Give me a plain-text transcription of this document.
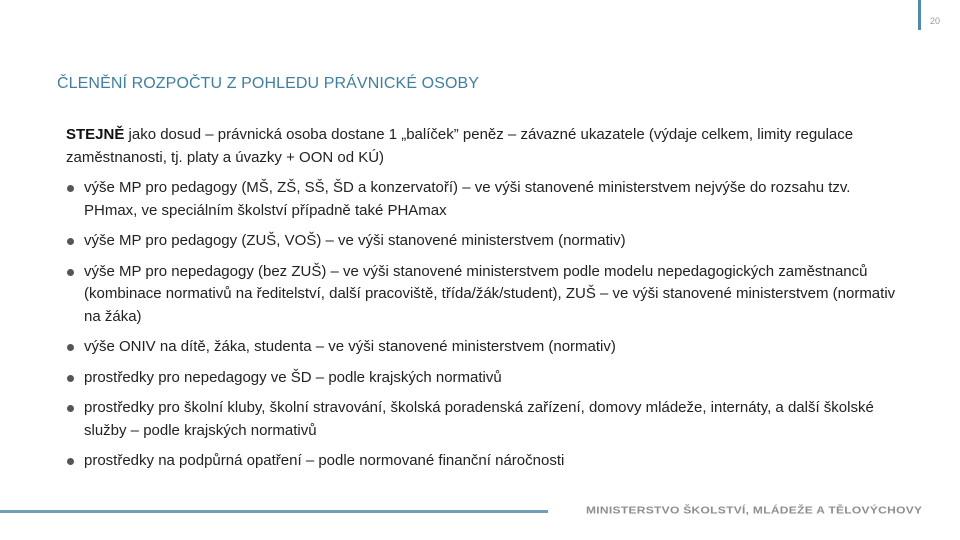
20
ČLENĚNÍ ROZPOČTU Z POHLEDU PRÁVNICKÉ OSOBY

STEJNĚ jako dosud – právnická osoba dostane 1 „balíček” peněz – závazné ukazatele (výdaje celkem, limity regulace zaměstnanosti, tj. platy a úvazky + OON od KÚ)

výše MP pro pedagogy (MŠ, ZŠ, SŠ, ŠD a konzervatoří) – ve výši stanovené ministerstvem nejvýše do rozsahu tzv. PHmax, ve speciálním školství případně také PHAmax
výše MP pro pedagogy (ZUŠ, VOŠ) – ve výši stanovené ministerstvem (normativ)
výše MP pro nepedagogy (bez ZUŠ) – ve výši stanovené ministerstvem podle modelu nepedagogických zaměstnanců (kombinace normativů na ředitelství, další pracoviště, třída/žák/student), ZUŠ – ve výši stanovené ministerstvem (normativ na žáka)
výše ONIV na dítě, žáka, studenta – ve výši stanovené ministerstvem (normativ)
prostředky pro nepedagogy ve ŠD – podle krajských normativů
prostředky pro školní kluby, školní stravování, školská poradenská zařízení, domovy mládeže, internáty, a další školské služby – podle krajských normativů
prostředky na podpůrná opatření – podle normované finanční náročnosti
MINISTERSTVO ŠKOLSTVÍ, MLÁDEŽE A TĚLOVÝCHOVY
